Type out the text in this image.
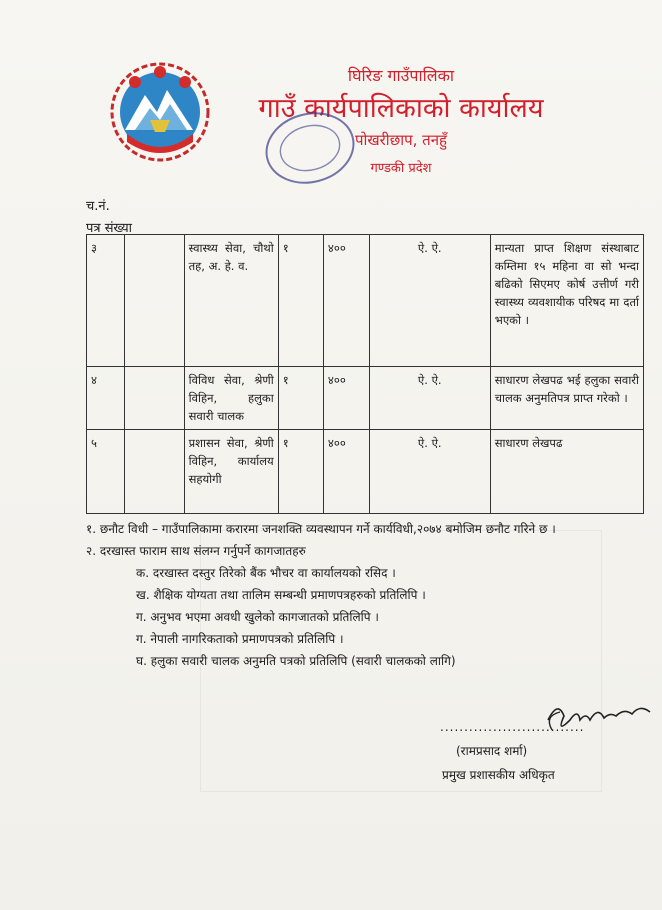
घिरिङ गाउँपालिका
गाउँ कार्यपालिकाको कार्यालय
पोखरीछाप, तनहुँ
गण्डकी प्रदेश
च.नं.
पत्र संख्या
३		स्वास्थ्य सेवा, चौथो तह, अ. हे. व.	१	४००	ऐ. ऐ.	मान्यता प्राप्त शिक्षण संस्थाबाट कम्तिमा १५ महिना वा सो भन्दा बढिको सिएमए कोर्ष उत्तीर्ण गरी स्वास्थ्य व्यवशायीक परिषद मा दर्ता भएको ।
४		विविध सेवा, श्रेणी विहिन, हलुका सवारी चालक	१	४००	ऐ. ऐ.	साधारण लेखपढ भई हलुका सवारी चालक अनुमतिपत्र प्राप्त गरेको ।
५		प्रशासन सेवा, श्रेणी विहिन, कार्यालय सहयोगी	१	४००	ऐ. ऐ.	साधारण लेखपढ

१. छनौट विधी – गाउँपालिकामा करारमा जनशक्ति व्यवस्थापन गर्ने कार्यविधी,२०७४ बमोजिम छनौट गरिने छ ।

२. दरखास्त फाराम साथ संलग्न गर्नुपर्ने कागजातहरु

क. दरखास्त दस्तुर तिरेको बैंक भौचर वा कार्यालयको रसिद ।

ख. शैक्षिक योग्यता तथा तालिम सम्बन्धी प्रमाणपत्रहरुको प्रतिलिपि ।

ग. अनुभव भएमा अवधी खुलेको कागजातको प्रतिलिपि ।

ग. नेपाली नागरिकताको प्रमाणपत्रको प्रतिलिपि ।

घ. हलुका सवारी चालक अनुमति पत्रको प्रतिलिपि (सवारी चालकको लागि)

..............................
(रामप्रसाद शर्मा)
प्रमुख प्रशासकीय अधिकृत
